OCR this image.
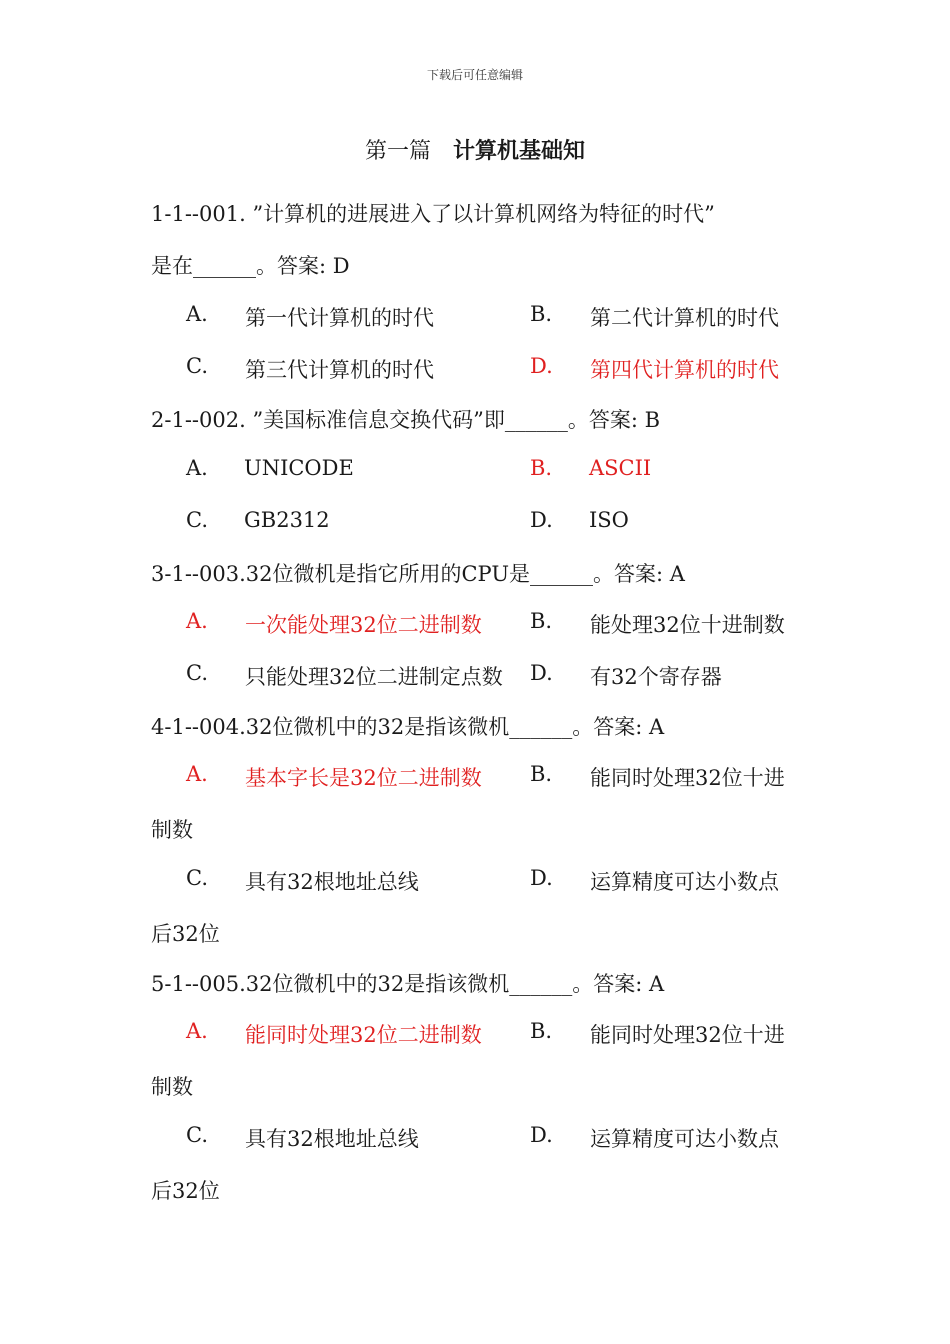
下载后可任意编辑
第一篇 计算机基础知
1-1--001. ”计算机的进展进入了以计算机网络为特征的时代”
是在______。答案: D
A. 第一代计算机的时代	B. 第二代计算机的时代
C. 第三代计算机的时代	D. 第四代计算机的时代
2-1--002. ”美国标准信息交换代码”即______。答案: B
A. UNICODE	B. ASCII
C. GB2312	D. ISO
3-1--003.32位微机是指它所用的CPU是______。答案: A
A. 一次能处理32位二进制数 B. 能处理32位十进制数
C. 只能处理32位二进制定点数 D. 有32个寄存器
4-1--004.32位微机中的32是指该微机______。答案: A
A. 基本字长是32位二进制数 B. 能同时处理32位十进
制数
C. 具有32根地址总线	D. 运算精度可达小数点
后32位
5-1--005.32位微机中的32是指该微机______。答案: A
A. 能同时处理32位二进制数 B. 能同时处理32位十进
制数
C. 具有32根地址总线	D. 运算精度可达小数点
后32位
